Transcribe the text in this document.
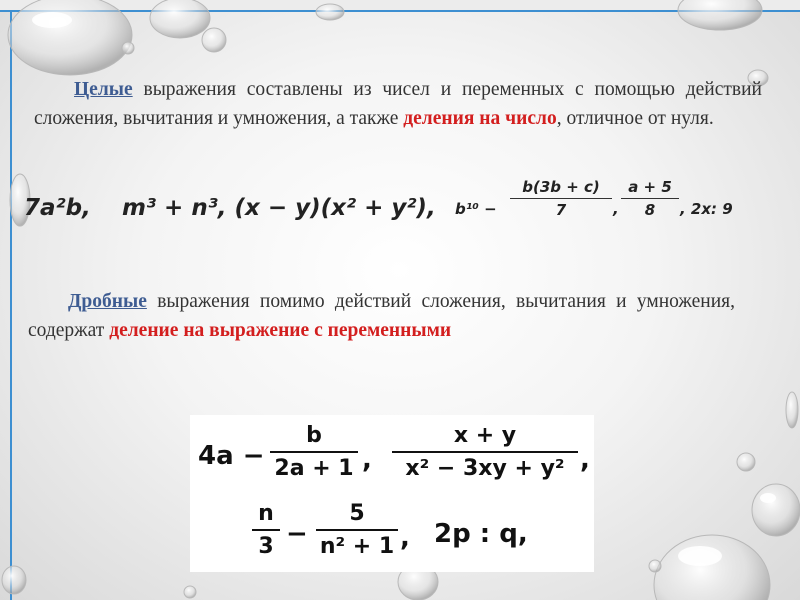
Целые выражения составлены из чисел и переменных с помощью действий сложения, вычитания и умножения, а также деления на число, отличное от нуля.
7a²b, m³ + n³, (x − y)(x² + y²), b¹⁰ −
b(3b + c)
7	,
a + 5
8	, 2x: 9
Дробные выражения помимо действий сложения, вычитания и умножения, содержат деление на выражение с переменными
4a −
b
2a + 1 ,
x + y
x² − 3xy + y² ,
n
3 −
5
n² + 1 , 2p : q,
